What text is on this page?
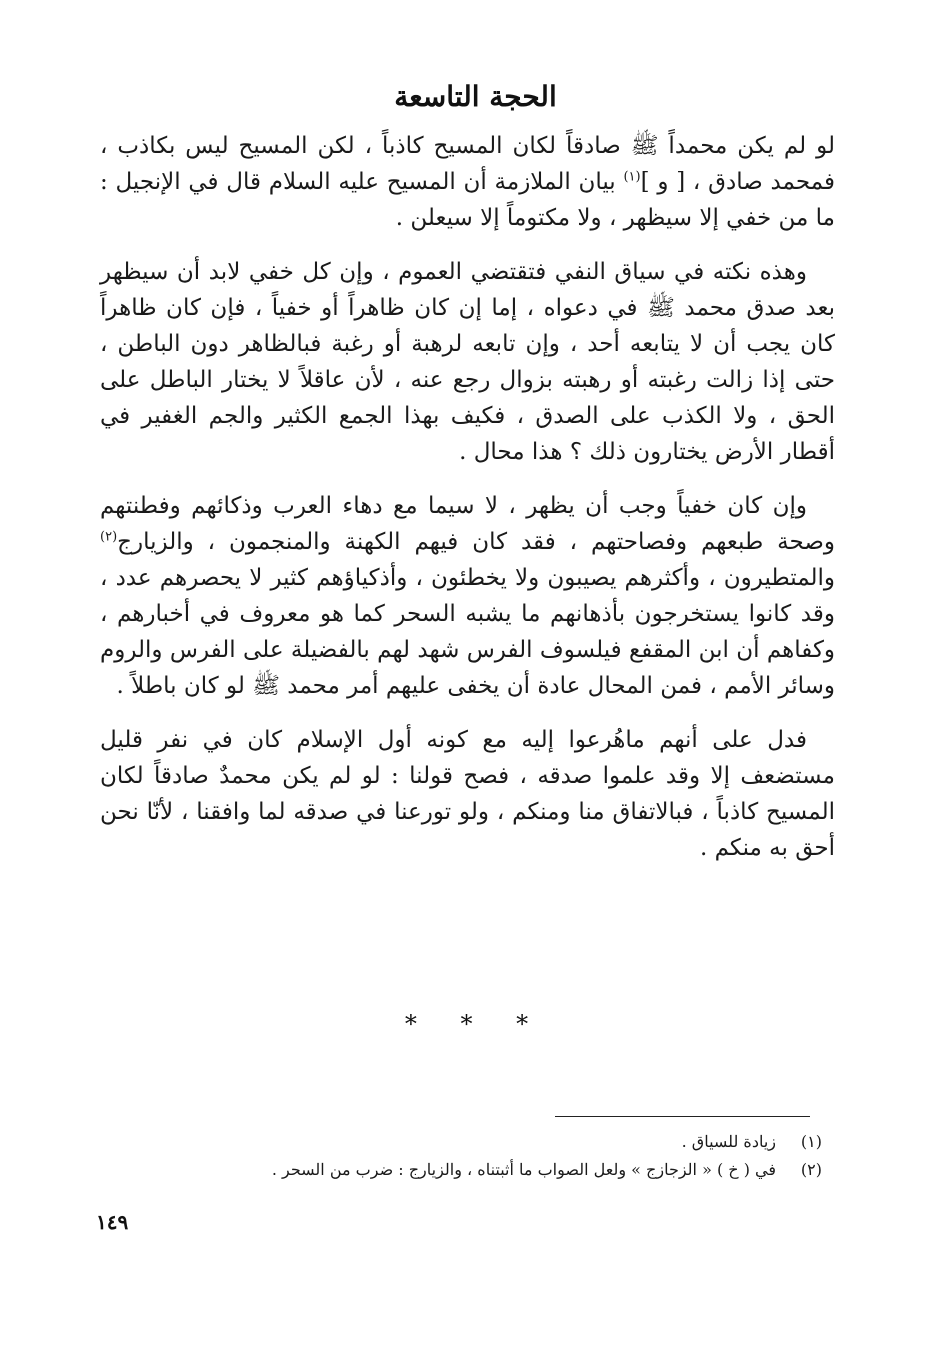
الحجة التاسعة

لو لم يكن محمداً ﷺ صادقاً لكان المسيح كاذباً ، لكن المسيح ليس بكاذب ، فمحمد صادق ، [ و ]$^{(١)}$ بيان الملازمة أن المسيح عليه السلام قال في الإنجيل : ما من خفي إلا سيظهر ، ولا مكتوماً إلا سيعلن .

وهذه نكته في سياق النفي فتقتضي العموم ، وإن كل خفي لابد أن سيظهر بعد صدق محمد ﷺ في دعواه ، إما إن كان ظاهراً أو خفياً ، فإن كان ظاهراً كان يجب أن لا يتابعه أحد ، وإن تابعه لرهبة أو رغبة فبالظاهر دون الباطن ، حتى إذا زالت رغبته أو رهبته بزوال رجع عنه ، لأن عاقلاً لا يختار الباطل على الحق ، ولا الكذب على الصدق ، فكيف بهذا الجمع الكثير والجم الغفير في أقطار الأرض يختارون ذلك ؟ هذا محال .

وإن كان خفياً وجب أن يظهر ، لا سيما مع دهاء العرب وذكائهم وفطنتهم وصحة طبعهم وفصاحتهم ، فقد كان فيهم الكهنة والمنجمون ، والزيارج$^{(٢)}$ والمتطيرون ، وأكثرهم يصيبون ولا يخطئون ، وأذكياؤهم كثير لا يحصرهم عدد ، وقد كانوا يستخرجون بأذهانهم ما يشبه السحر كما هو معروف في أخبارهم ، وكفاهم أن ابن المقفع فيلسوف الفرس شهد لهم بالفضيلة على الفرس والروم وسائر الأمم ، فمن المحال عادة أن يخفى عليهم أمر محمد ﷺ لو كان باطلاً .

فدل على أنهم ماهُرعوا إليه مع كونه أول الإسلام كان في نفر قليل مستضعف إلا وقد علموا صدقه ، فصح قولنا : لو لم يكن محمدٌ صادقاً لكان المسيح كاذباً ، فبالاتفاق منا ومنكم ، ولو تورعنا في صدقه لما وافقنا ، لأنّا نحن أحق به منكم .

* * *

(١)زيادة للسياق .

(٢)في ( خ ) « الزجازج » ولعل الصواب ما أثبتناه ، والزيارج : ضرب من السحر .

١٤٩
